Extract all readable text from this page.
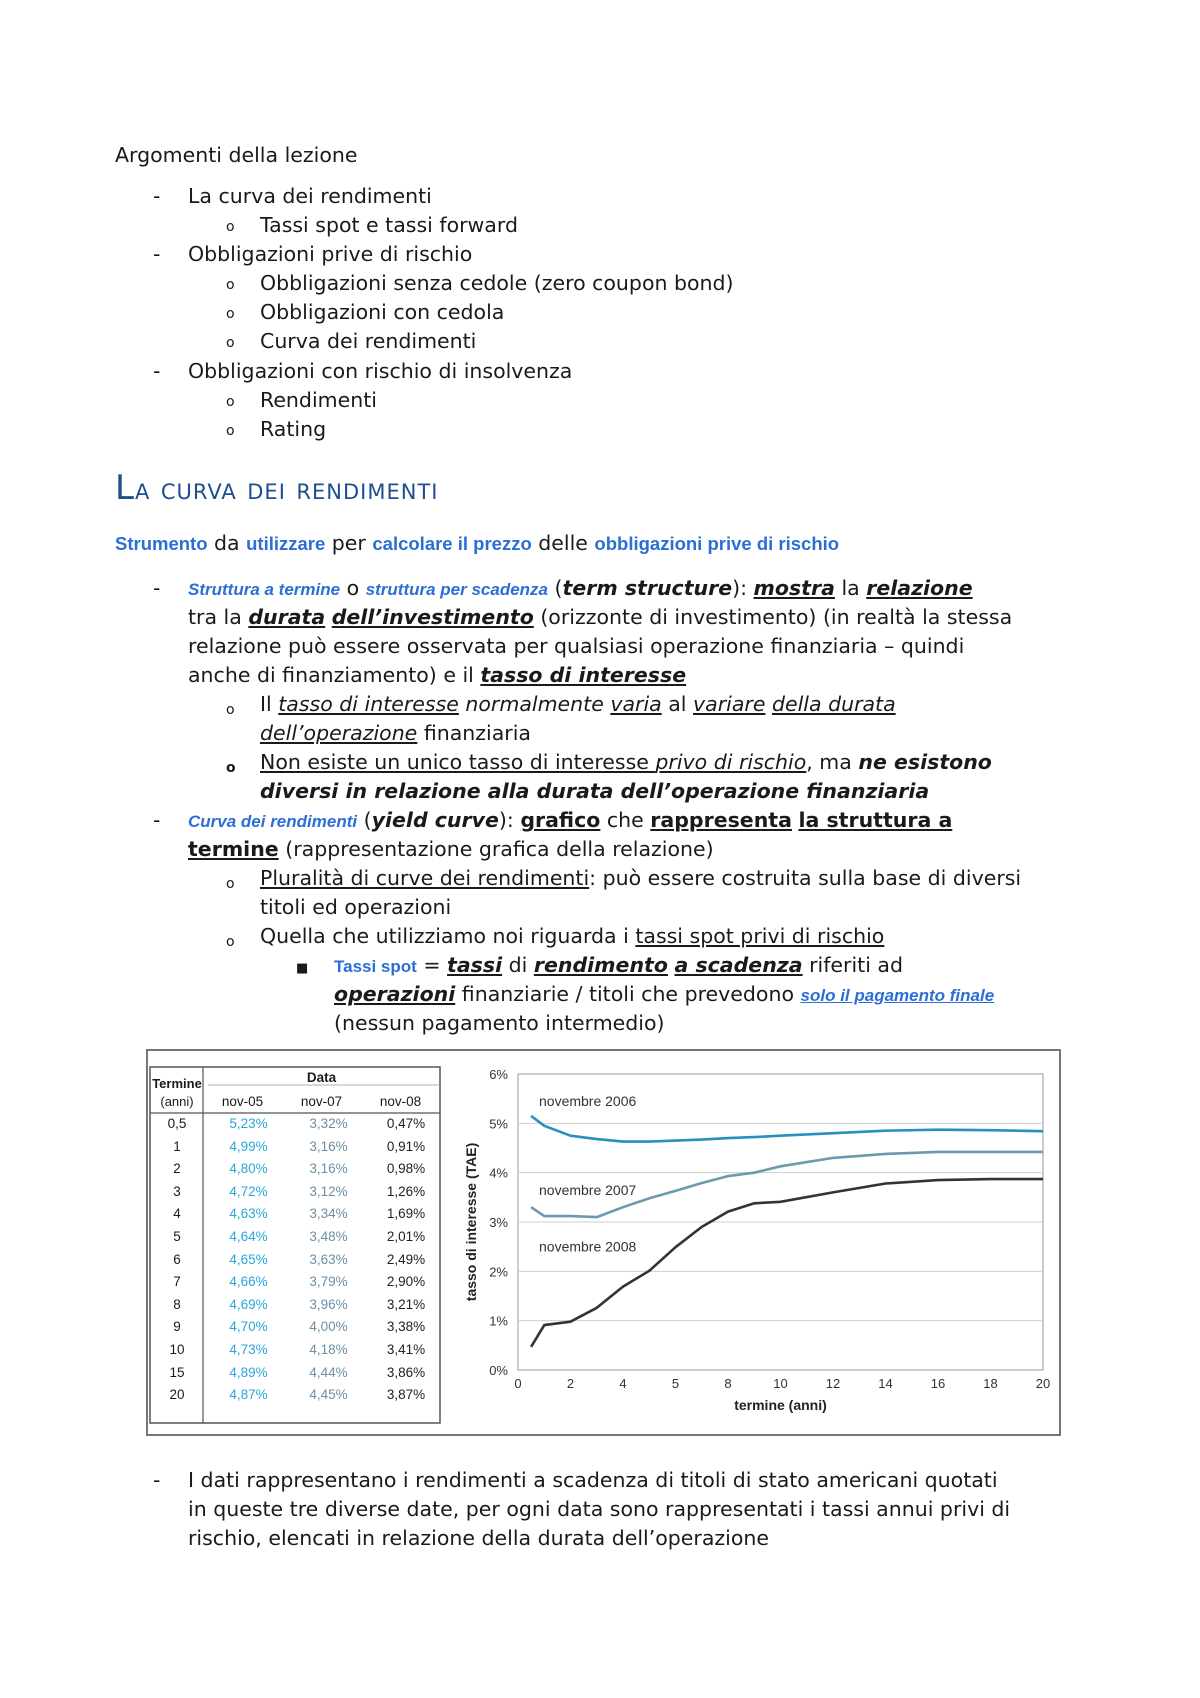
Argomenti della lezione
- La curva dei rendimenti
o Tassi spot e tassi forward
- Obbligazioni prive di rischio
o Obbligazioni senza cedole (zero coupon bond)
o Obbligazioni con cedola
o Curva dei rendimenti
- Obbligazioni con rischio di insolvenza
o Rendimenti
o Rating
La curva dei rendimenti
Strumento da utilizzare per calcolare il prezzo delle obbligazioni prive di rischio
- Struttura a termine o struttura per scadenza (term structure): mostra la relazione
tra la durata dell’investimento (orizzonte di investimento) (in realtà la stessa
relazione può essere osservata per qualsiasi operazione finanziaria – quindi
anche di finanziamento) e il tasso di interesse
o Il tasso di interesse normalmente varia al variare della durata
dell’operazione finanziaria
o Non esiste un unico tasso di interesse privo di rischio, ma ne esistono
diversi in relazione alla durata dell’operazione finanziaria
- Curva dei rendimenti (yield curve): grafico che rappresenta la struttura a
termine (rappresentazione grafica della relazione)
o Pluralità di curve dei rendimenti: può essere costruita sulla base di diversi
titoli ed operazioni
o Quella che utilizziamo noi riguarda i tassi spot privi di rischio
■ Tassi spot = tassi di rendimento a scadenza riferiti ad
operazioni finanziarie / titoli che prevedono solo il pagamento finale
(nessun pagamento intermedio)
Termine
(anni)
Data
nov-05	nov-07	nov-08
0,5	5,23%	3,32%	0,47%
1	4,99%	3,16%	0,91%
2	4,80%	3,16%	0,98%
3	4,72%	3,12%	1,26%
4	4,63%	3,34%	1,69%
5	4,64%	3,48%	2,01%
6	4,65%	3,63%	2,49%
7	4,66%	3,79%	2,90%
8	4,69%	3,96%	3,21%
9	4,70%	4,00%	3,38%
10	4,73%	4,18%	3,41%
15	4,89%	4,44%	3,86%
20	4,87%	4,45%	3,87%
0%
1%
2%
3%
4%
5%
6%
0	2	4	5	8	10	12	14	16	18	20
termine (anni)
tasso di interesse (TAE)
novembre 2006
novembre 2007
novembre 2008
- I dati rappresentano i rendimenti a scadenza di titoli di stato americani quotati
in queste tre diverse date, per ogni data sono rappresentati i tassi annui privi di
rischio, elencati in relazione della durata dell’operazione
